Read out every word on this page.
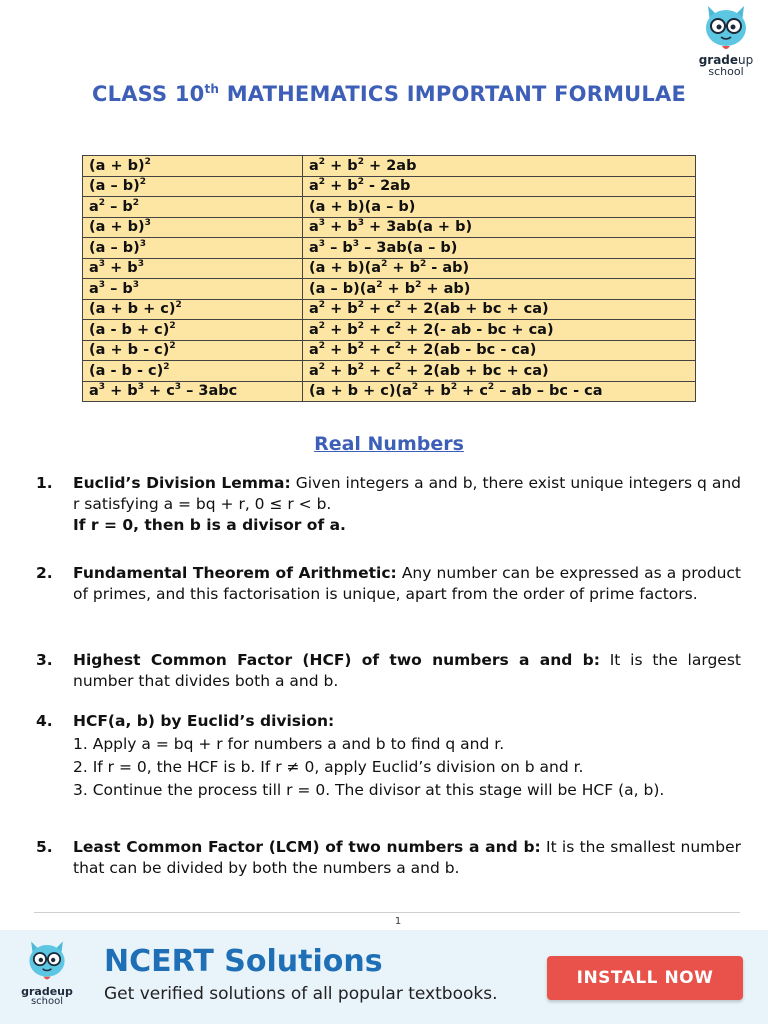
gradeup
school
CLASS 10th MATHEMATICS IMPORTANT FORMULAE
$(a + b)^2$	$a^2 + b^2 + 2ab$
(a – b)$^2$	$a^2 + b^2 - 2ab$
$a^2 - b^2$	(a + b)(a – b)
$(a + b)^3$	$a^3 + b^3 + 3ab(a + b)$
(a – b)$^3$	$a^3 - b^3 - 3ab(a - b)$
$a^3 + b^3$	$(a + b)(a^2 + b^2 - ab)$
$a^3 - b^3$	$(a - b)(a^2 + b^2 + ab)$
$(a + b + c)^2$	$a^2 + b^2 + c^2 + 2(ab$ + bc + ca)
$(a - b + c)^2$	$a^2 + b^2 + c^2 + 2(-$ ab - bc + ca)
$(a + b - c)^2$	$a^2 + b^2 + c^2 + 2(ab$ - bc - ca)
(a - b - c)$^2$	$a^2 + b^2 + c^2 + 2(ab$ + bc + ca)
$a^3 + b^3 + c^3 - 3abc$	$(a + b + c)(a^2 + b^2 + c^2$ – ab – bc - ca
Real Numbers
1. Euclid’s Division Lemma: Given integers a and b, there exist unique integers q and r satisfying a = bq + r, 0 ≤ r < b.
If r = 0, then b is a divisor of a.
2. Fundamental Theorem of Arithmetic: Any number can be expressed as a product of primes, and this factorisation is unique, apart from the order of prime factors.
3. Highest Common Factor (HCF) of two numbers a and b: It is the largest number that divides both a and b.
4. HCF(a, b) by Euclid’s division:
1. Apply a = bq + r for numbers a and b to find q and r.
2. If r = 0, the HCF is b. If r ≠ 0, apply Euclid’s division on b and r.
3. Continue the process till r = 0. The divisor at this stage will be HCF (a, b).
5. Least Common Factor (LCM) of two numbers a and b: It is the smallest number that can be divided by both the numbers a and b.
1
gradeup
school
NCERT Solutions
Get verified solutions of all popular textbooks.
INSTALL NOW
